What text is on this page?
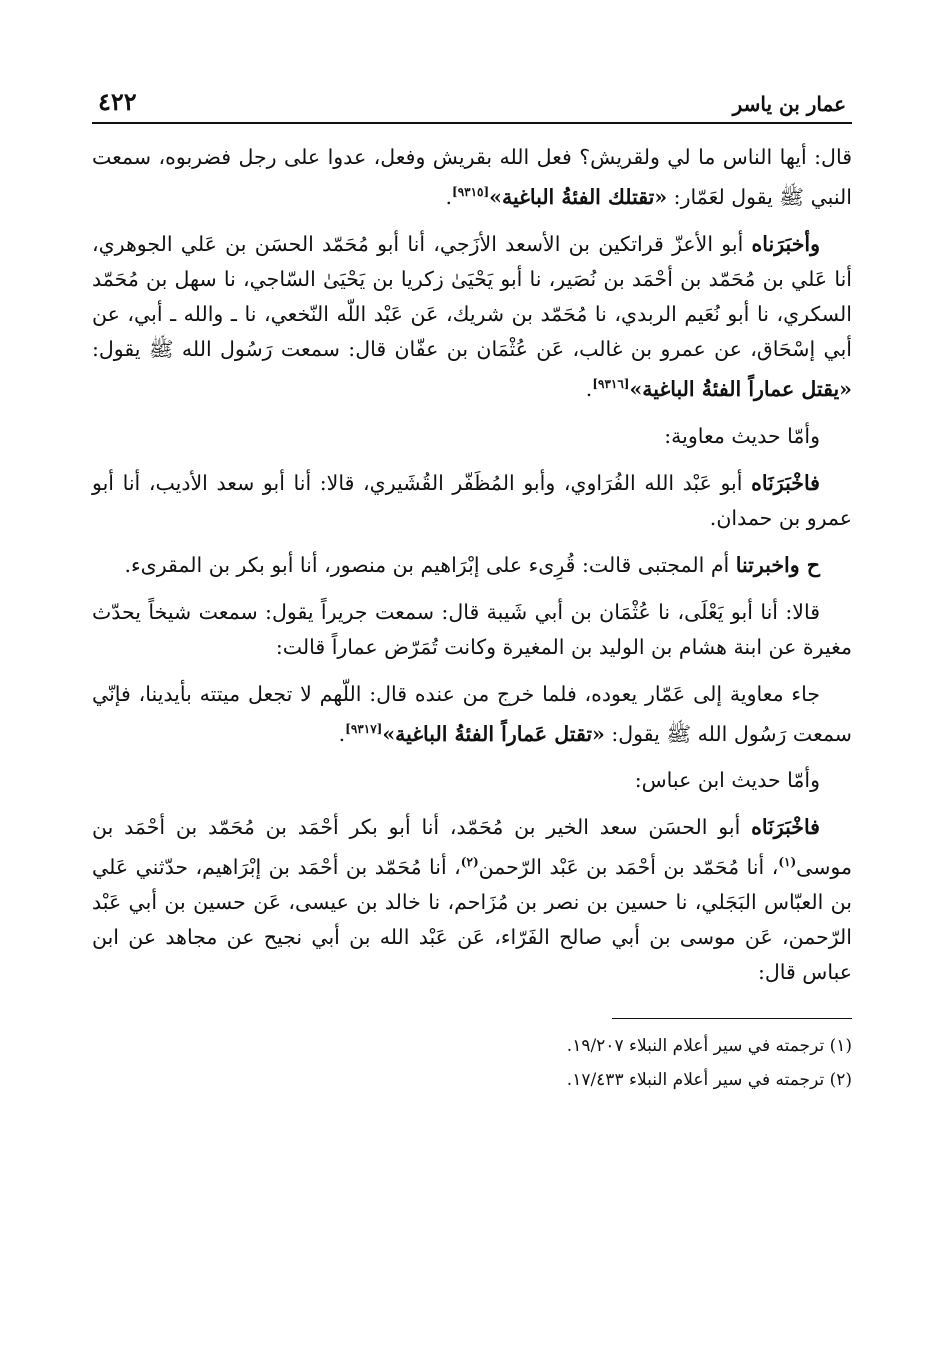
عمار بن ياسر
٤٢٢

قال: أيها الناس ما لي ولقريش؟ فعل الله بقريش وفعل، عدوا على رجل فضربوه، سمعت النبي ﷺ يقول لعَمّار: «تقتلك الفئةُ الباغية»[٩٣١٥].

وأخبَرَناه أبو الأعزّ قراتكين بن الأسعد الأزَجي، أنا أبو مُحَمّد الحسَن بن عَلي الجوهري، أنا عَلي بن مُحَمّد بن أحْمَد بن نُصَير، نا أبو يَحْيَىٰ زكريا بن يَحْيَىٰ السّاجي، نا سهل بن مُحَمّد السكري، نا أبو نُعَيم الربدي، نا مُحَمّد بن شريك، عَن عَبْد اللّه النّخعي، نا ـ والله ـ أبي، عن أبي إسْحَاق، عن عمرو بن غالب، عَن عُثْمَان بن عفّان قال: سمعت رَسُول الله ﷺ يقول: «يقتل عماراً الفئةُ الباغية»[٩٣١٦].

وأمّا حديث معاوية:

فاخْبَرَنَاه أبو عَبْد الله الفُرَاوي، وأبو المُظَفّر القُشَيري، قالا: أنا أبو سعد الأديب، أنا أبو عمرو بن حمدان.

ح واخبرتنا أم المجتبى قالت: قُرِىء على إبْرَاهيم بن منصور، أنا أبو بكر بن المقرىء.

قالا: أنا أبو يَعْلَى، نا عُثْمَان بن أبي شَيبة قال: سمعت جريراً يقول: سمعت شيخاً يحدّث مغيرة عن ابنة هشام بن الوليد بن المغيرة وكانت تُمَرّض عماراً قالت:

جاء معاوية إلى عَمّار يعوده، فلما خرج من عنده قال: اللّهم لا تجعل ميتته بأيدينا، فإنّي سمعت رَسُول الله ﷺ يقول: «تقتل عَماراً الفئةُ الباغية»[٩٣١٧].

وأمّا حديث ابن عباس:

فاخْبَرَنَاه أبو الحسَن سعد الخير بن مُحَمّد، أنا أبو بكر أحْمَد بن مُحَمّد بن أحْمَد بن موسى$^{(١)}$، أنا مُحَمّد بن أحْمَد بن عَبْد الرّحمن$^{(٢)}$، أنا مُحَمّد بن أحْمَد بن إبْرَاهيم، حدّثني عَلي بن العبّاس البَجَلي، نا حسين بن نصر بن مُزَاحم، نا خالد بن عيسى، عَن حسين بن أبي عَبْد الرّحمن، عَن موسى بن أبي صالح الفَرّاء، عَن عَبْد الله بن أبي نجيح عن مجاهد عن ابن عباس قال:

(١) ترجمته في سير أعلام النبلاء ١٩/٢٠٧.

(٢) ترجمته في سير أعلام النبلاء ١٧/٤٣٣.
